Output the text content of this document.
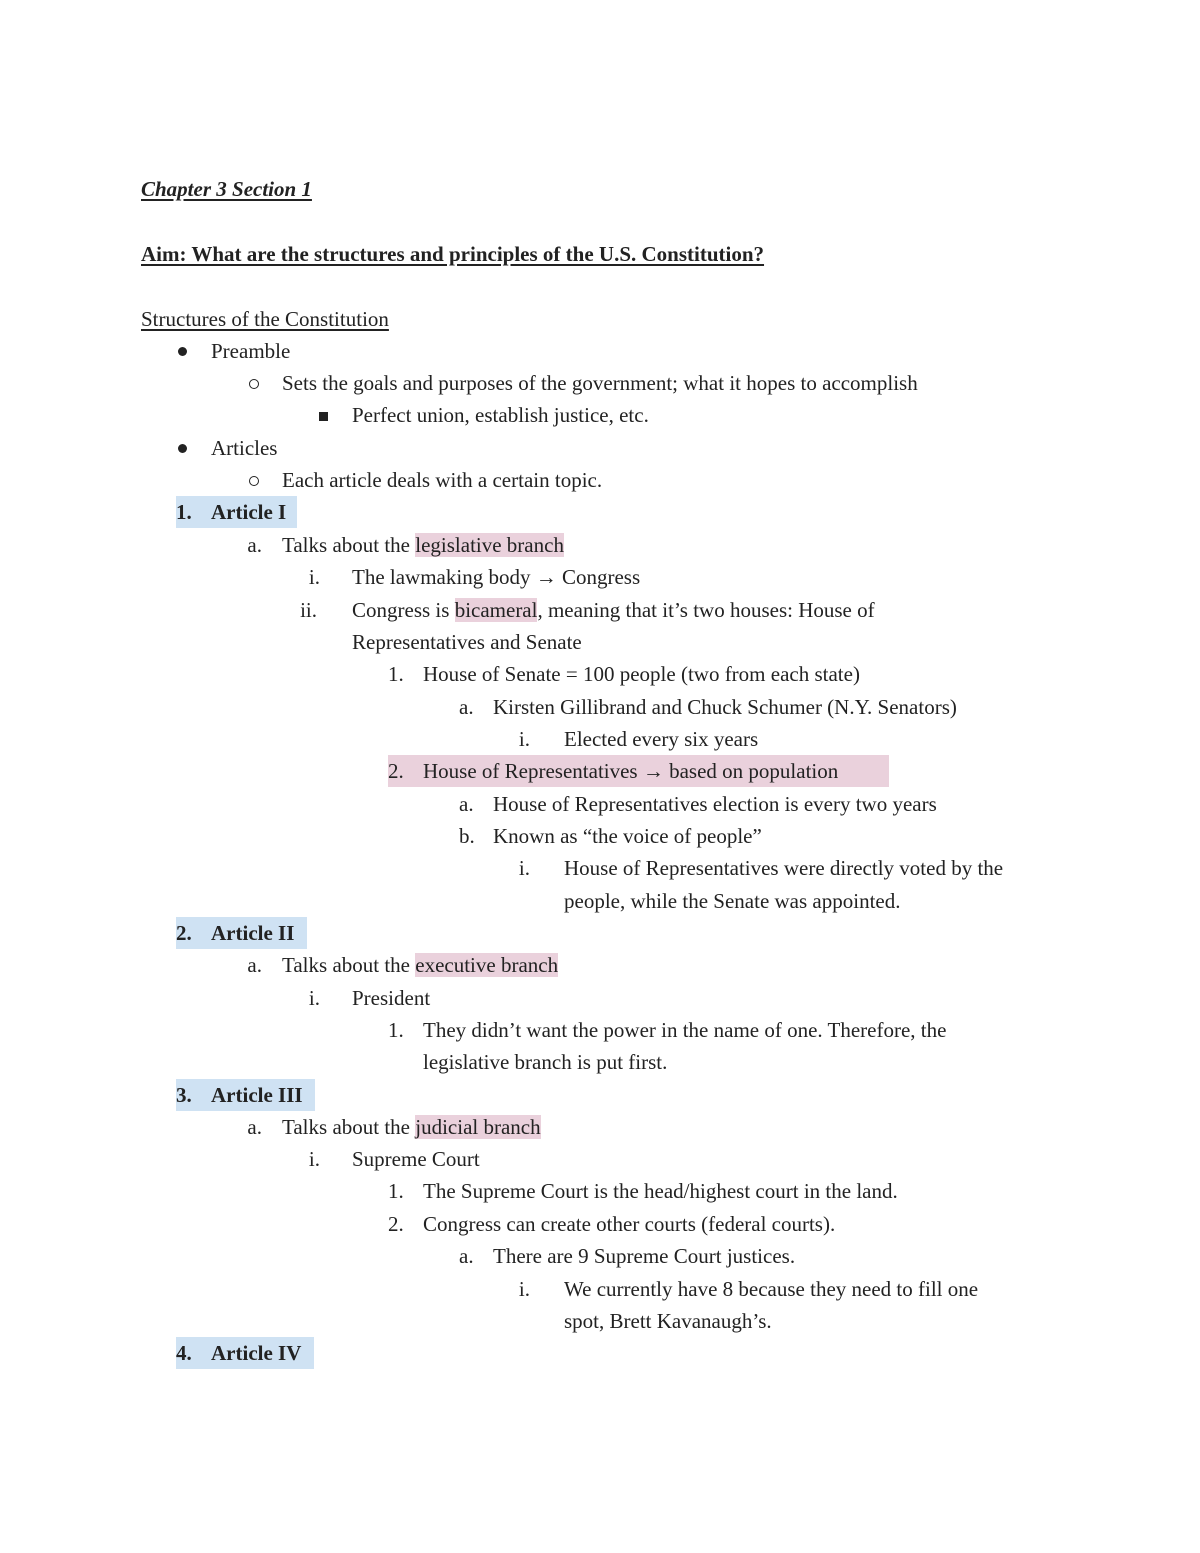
Chapter 3 Section 1
Aim: What are the structures and principles of the U.S. Constitution?
Structures of the Constitution
Preamble
Sets the goals and purposes of the government; what it hopes to accomplish
Perfect union, establish justice, etc.
Articles
Each article deals with a certain topic.
1. Article I
a. Talks about the legislative branch
i. The lawmaking body → Congress
ii. Congress is bicameral, meaning that it’s two houses: House of
Representatives and Senate
1. House of Senate = 100 people (two from each state)
a. Kirsten Gillibrand and Chuck Schumer (N.Y. Senators)
i. Elected every six years
2. House of Representatives → based on population
a. House of Representatives election is every two years
b. Known as “the voice of people”
i. House of Representatives were directly voted by the
people, while the Senate was appointed.
2. Article II
a. Talks about the executive branch
i. President
1. They didn’t want the power in the name of one. Therefore, the
legislative branch is put first.
3. Article III
a. Talks about the judicial branch
i. Supreme Court
1. The Supreme Court is the head/highest court in the land.
2. Congress can create other courts (federal courts).
a. There are 9 Supreme Court justices.
i. We currently have 8 because they need to fill one
spot, Brett Kavanaugh’s.
4. Article IV
